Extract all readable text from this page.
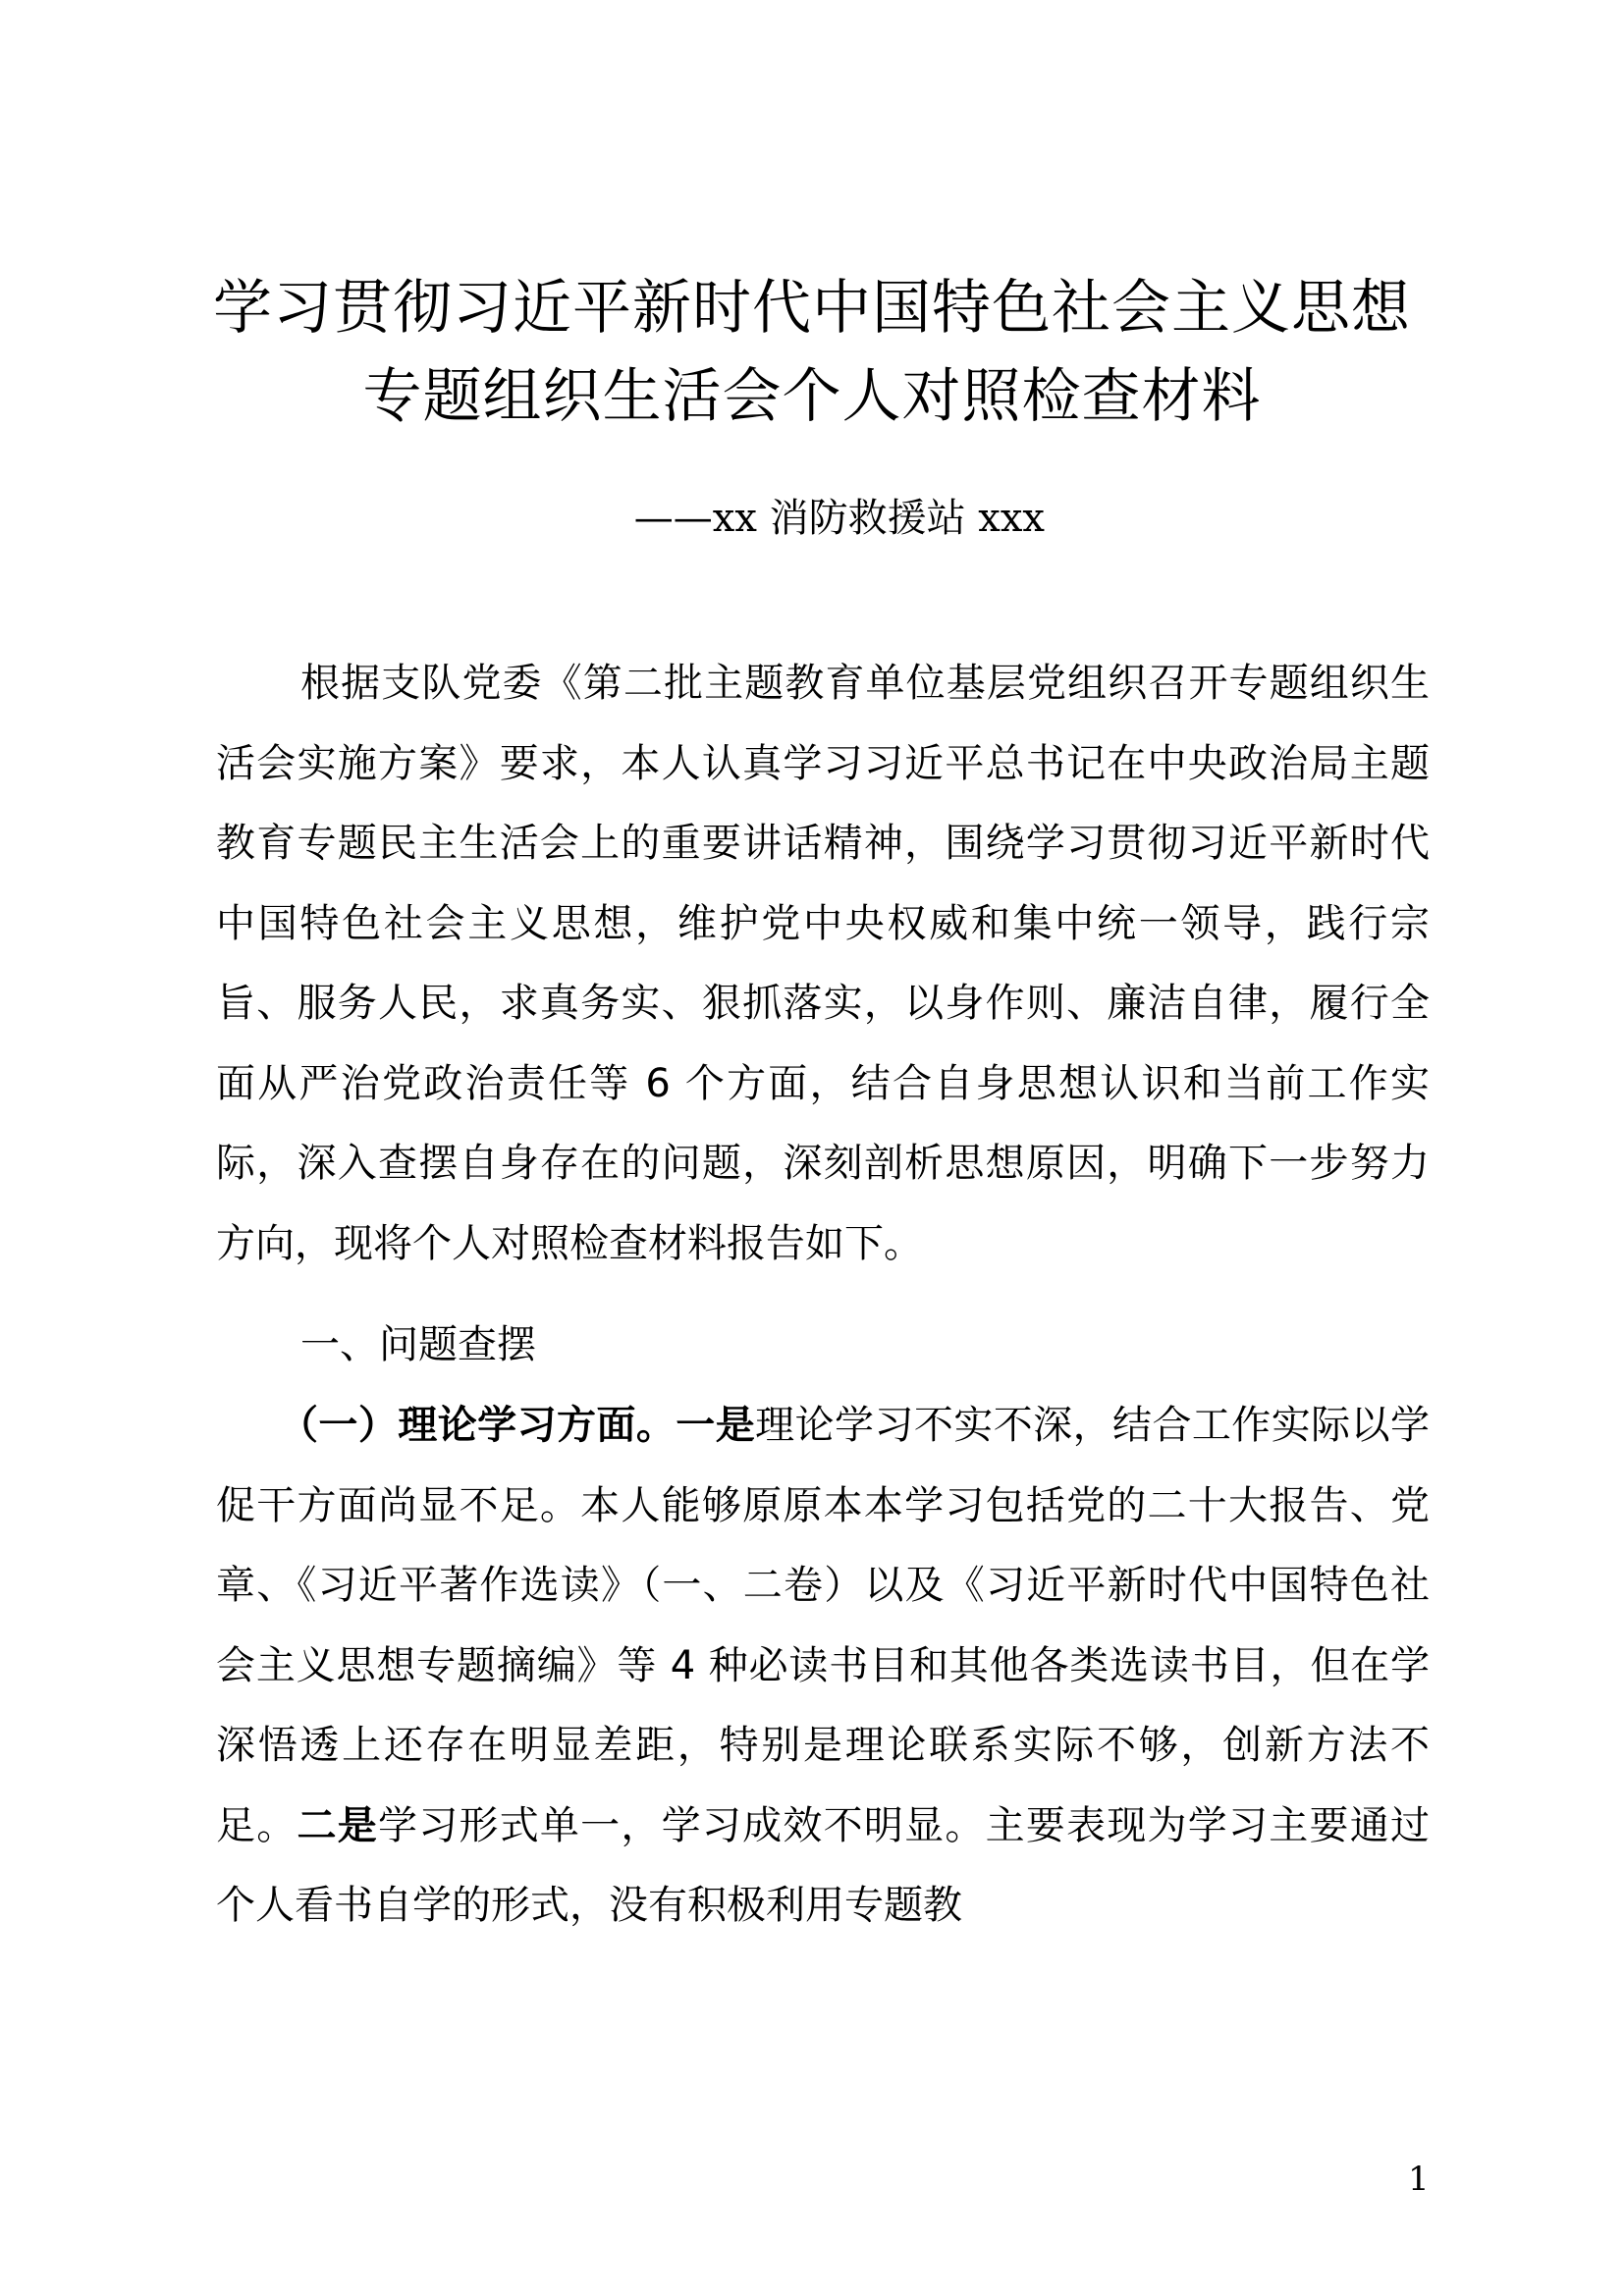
学习贯彻习近平新时代中国特色社会主义思想
专题组织生活会个人对照检查材料
——xx 消防救援站 xxx

根据支队党委《第二批主题教育单位基层党组织召开专题组织生活会实施方案》要求，本人认真学习习近平总书记在中央政治局主题教育专题民主生活会上的重要讲话精神，围绕学习贯彻习近平新时代中国特色社会主义思想，维护党中央权威和集中统一领导，践行宗旨、服务人民，求真务实、狠抓落实，以身作则、廉洁自律，履行全面从严治党政治责任等 6 个方面，结合自身思想认识和当前工作实际，深入查摆自身存在的问题，深刻剖析思想原因，明确下一步努力方向，现将个人对照检查材料报告如下。

一、问题查摆

（一）理论学习方面。一是理论学习不实不深，结合工作实际以学促干方面尚显不足。本人能够原原本本学习包括党的二十大报告、党章、《习近平著作选读》（一、二卷）以及《习近平新时代中国特色社会主义思想专题摘编》等 4 种必读书目和其他各类选读书目，但在学深悟透上还存在明显差距，特别是理论联系实际不够，创新方法不足。二是学习形式单一，学习成效不明显。主要表现为学习主要通过个人看书自学的形式，没有积极利用专题教

1
